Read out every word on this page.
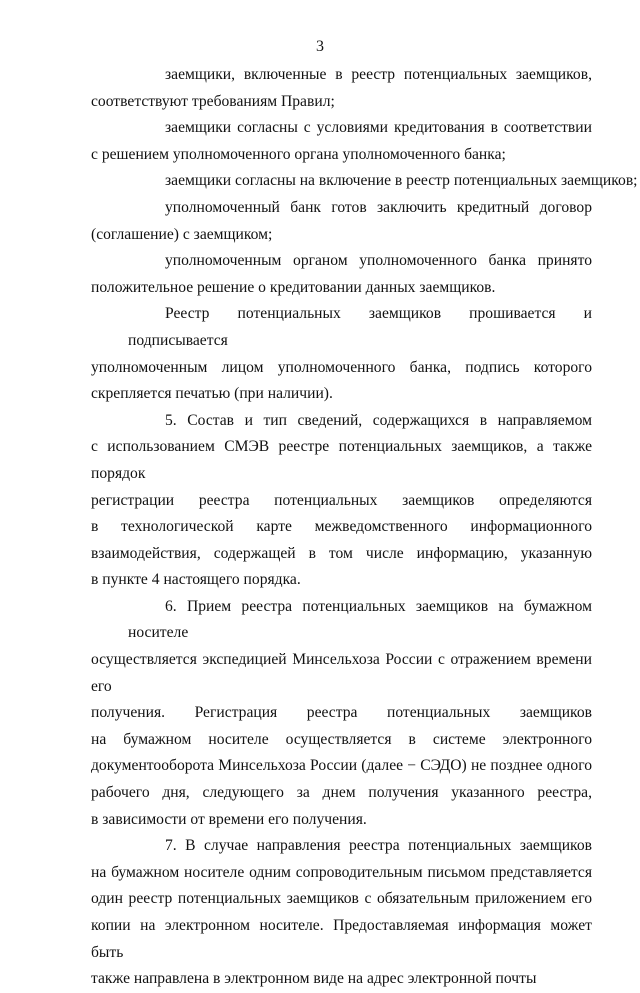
3
заемщики, включенные в реестр потенциальных заемщиков,
соответствуют требованиям Правил;
заемщики согласны с условиями кредитования в соответствии
с решением уполномоченного органа уполномоченного банка;
заемщики согласны на включение в реестр потенциальных заемщиков;
уполномоченный банк готов заключить кредитный договор
(соглашение) с заемщиком;
уполномоченным органом уполномоченного банка принято
положительное решение о кредитовании данных заемщиков.
Реестр потенциальных заемщиков прошивается и подписывается
уполномоченным лицом уполномоченного банка, подпись которого
скрепляется печатью (при наличии).
5. Состав и тип сведений, содержащихся в направляемом
с использованием СМЭВ реестре потенциальных заемщиков, а также порядок
регистрации реестра потенциальных заемщиков определяются
в технологической карте межведомственного информационного
взаимодействия, содержащей в том числе информацию, указанную
в пункте 4 настоящего порядка.
6. Прием реестра потенциальных заемщиков на бумажном носителе
осуществляется экспедицией Минсельхоза России с отражением времени его
получения. Регистрация реестра потенциальных заемщиков
на бумажном носителе осуществляется в системе электронного
документооборота Минсельхоза России (далее − СЭДО) не позднее одного
рабочего дня, следующего за днем получения указанного реестра,
в зависимости от времени его получения.
7. В случае направления реестра потенциальных заемщиков
на бумажном носителе одним сопроводительным письмом представляется
один реестр потенциальных заемщиков с обязательным приложением его
копии на электронном носителе. Предоставляемая информация может быть
также направлена в электронном виде на адрес электронной почты
